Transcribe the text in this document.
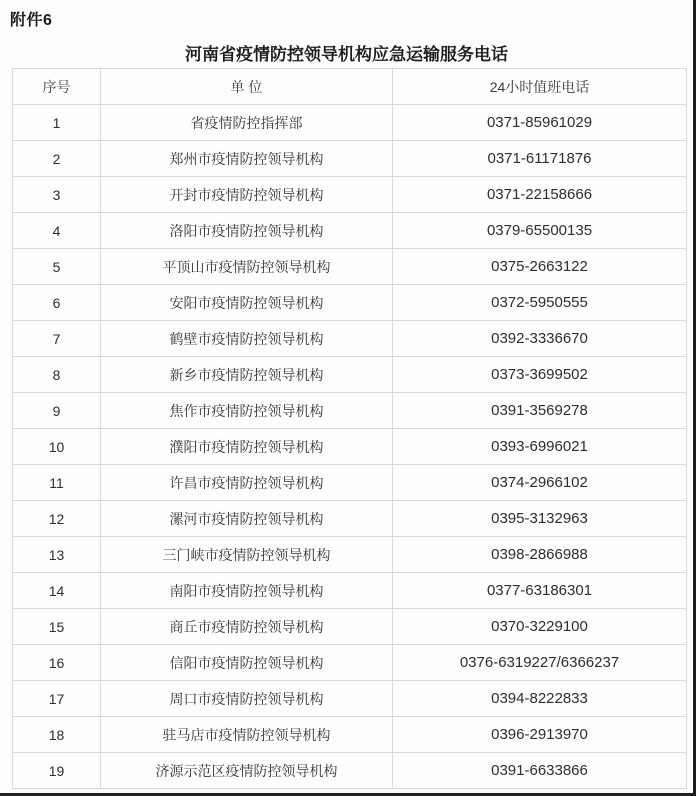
附件6
河南省疫情防控领导机构应急运输服务电话
序号	单 位	24小时值班电话
1	省疫情防控指挥部	0371-85961029
2	郑州市疫情防控领导机构	0371-61171876
3	开封市疫情防控领导机构	0371-22158666
4	洛阳市疫情防控领导机构	0379-65500135
5	平顶山市疫情防控领导机构	0375-2663122
6	安阳市疫情防控领导机构	0372-5950555
7	鹤壁市疫情防控领导机构	0392-3336670
8	新乡市疫情防控领导机构	0373-3699502
9	焦作市疫情防控领导机构	0391-3569278
10	濮阳市疫情防控领导机构	0393-6996021
11	许昌市疫情防控领导机构	0374-2966102
12	漯河市疫情防控领导机构	0395-3132963
13	三门峡市疫情防控领导机构	0398-2866988
14	南阳市疫情防控领导机构	0377-63186301
15	商丘市疫情防控领导机构	0370-3229100
16	信阳市疫情防控领导机构	0376-6319227/6366237
17	周口市疫情防控领导机构	0394-8222833
18	驻马店市疫情防控领导机构	0396-2913970
19	济源示范区疫情防控领导机构	0391-6633866
